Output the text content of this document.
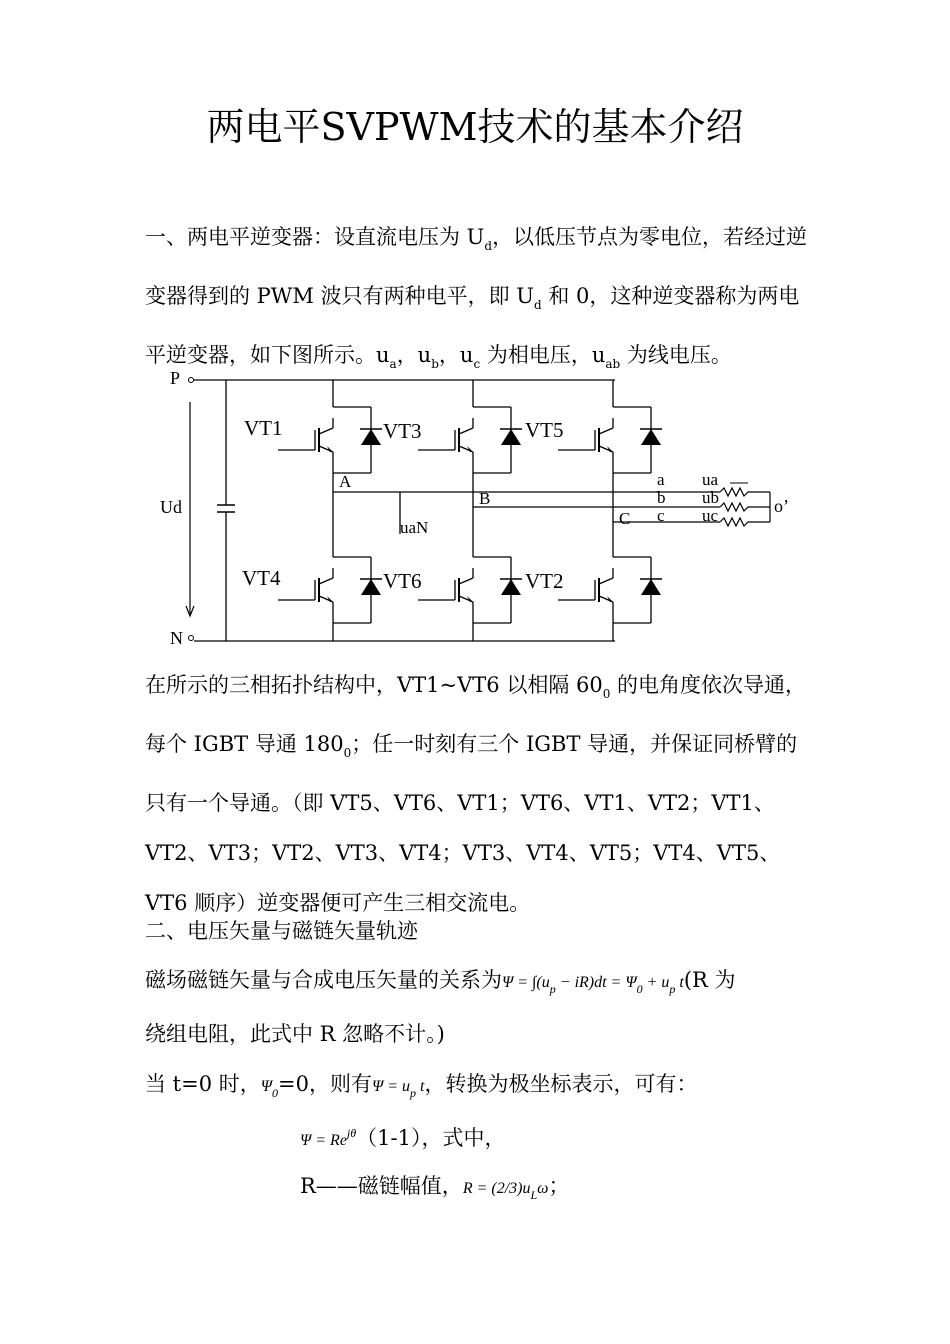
两电平SVPWM技术的基本介绍
一、两电平逆变器：设直流电压为 $U_d$，以低压节点为零电位，若经过逆变器得到的 PWM 波只有两种电平，即 $U_d$ 和 0，这种逆变器称为两电平逆变器，如下图所示。$u_a$，$u_b$，$u_c$ 为相电压，$u_{ab}$ 为线电压。
P
N
Ud
VT1	VT3	VT5
VT4	VT6	VT2
A
B
C
a
b
c
ua
ub
uc
uaN
o’
在所示的三相拓扑结构中，VT1~VT6 以相隔 $60_0$ 的电角度依次导通，每个 IGBT 导通 $180_0$；任一时刻有三个 IGBT 导通，并保证同桥臂的只有一个导通。（即 VT5、VT6、VT1；VT6、VT1、VT2；VT1、VT2、VT3；VT2、VT3、VT4；VT3、VT4、VT5；VT4、VT5、VT6 顺序）逆变器便可产生三相交流电。
二、电压矢量与磁链矢量轨迹
磁场磁链矢量与合成电压矢量的关系为$\Psi = \int(u_p - iR)dt = \Psi_0 + u_p$ t(R 为
绕组电阻，此式中 R 忽略不计。)
当 t=0 时，$\Psi_0=0$，则有$\Psi = u_p$ t，转换为极坐标表示，可有：
$\Psi = Re^{j\theta}(1-1)$，式中，
R——磁链幅值，$R = (2/3)u_L\omega$；
